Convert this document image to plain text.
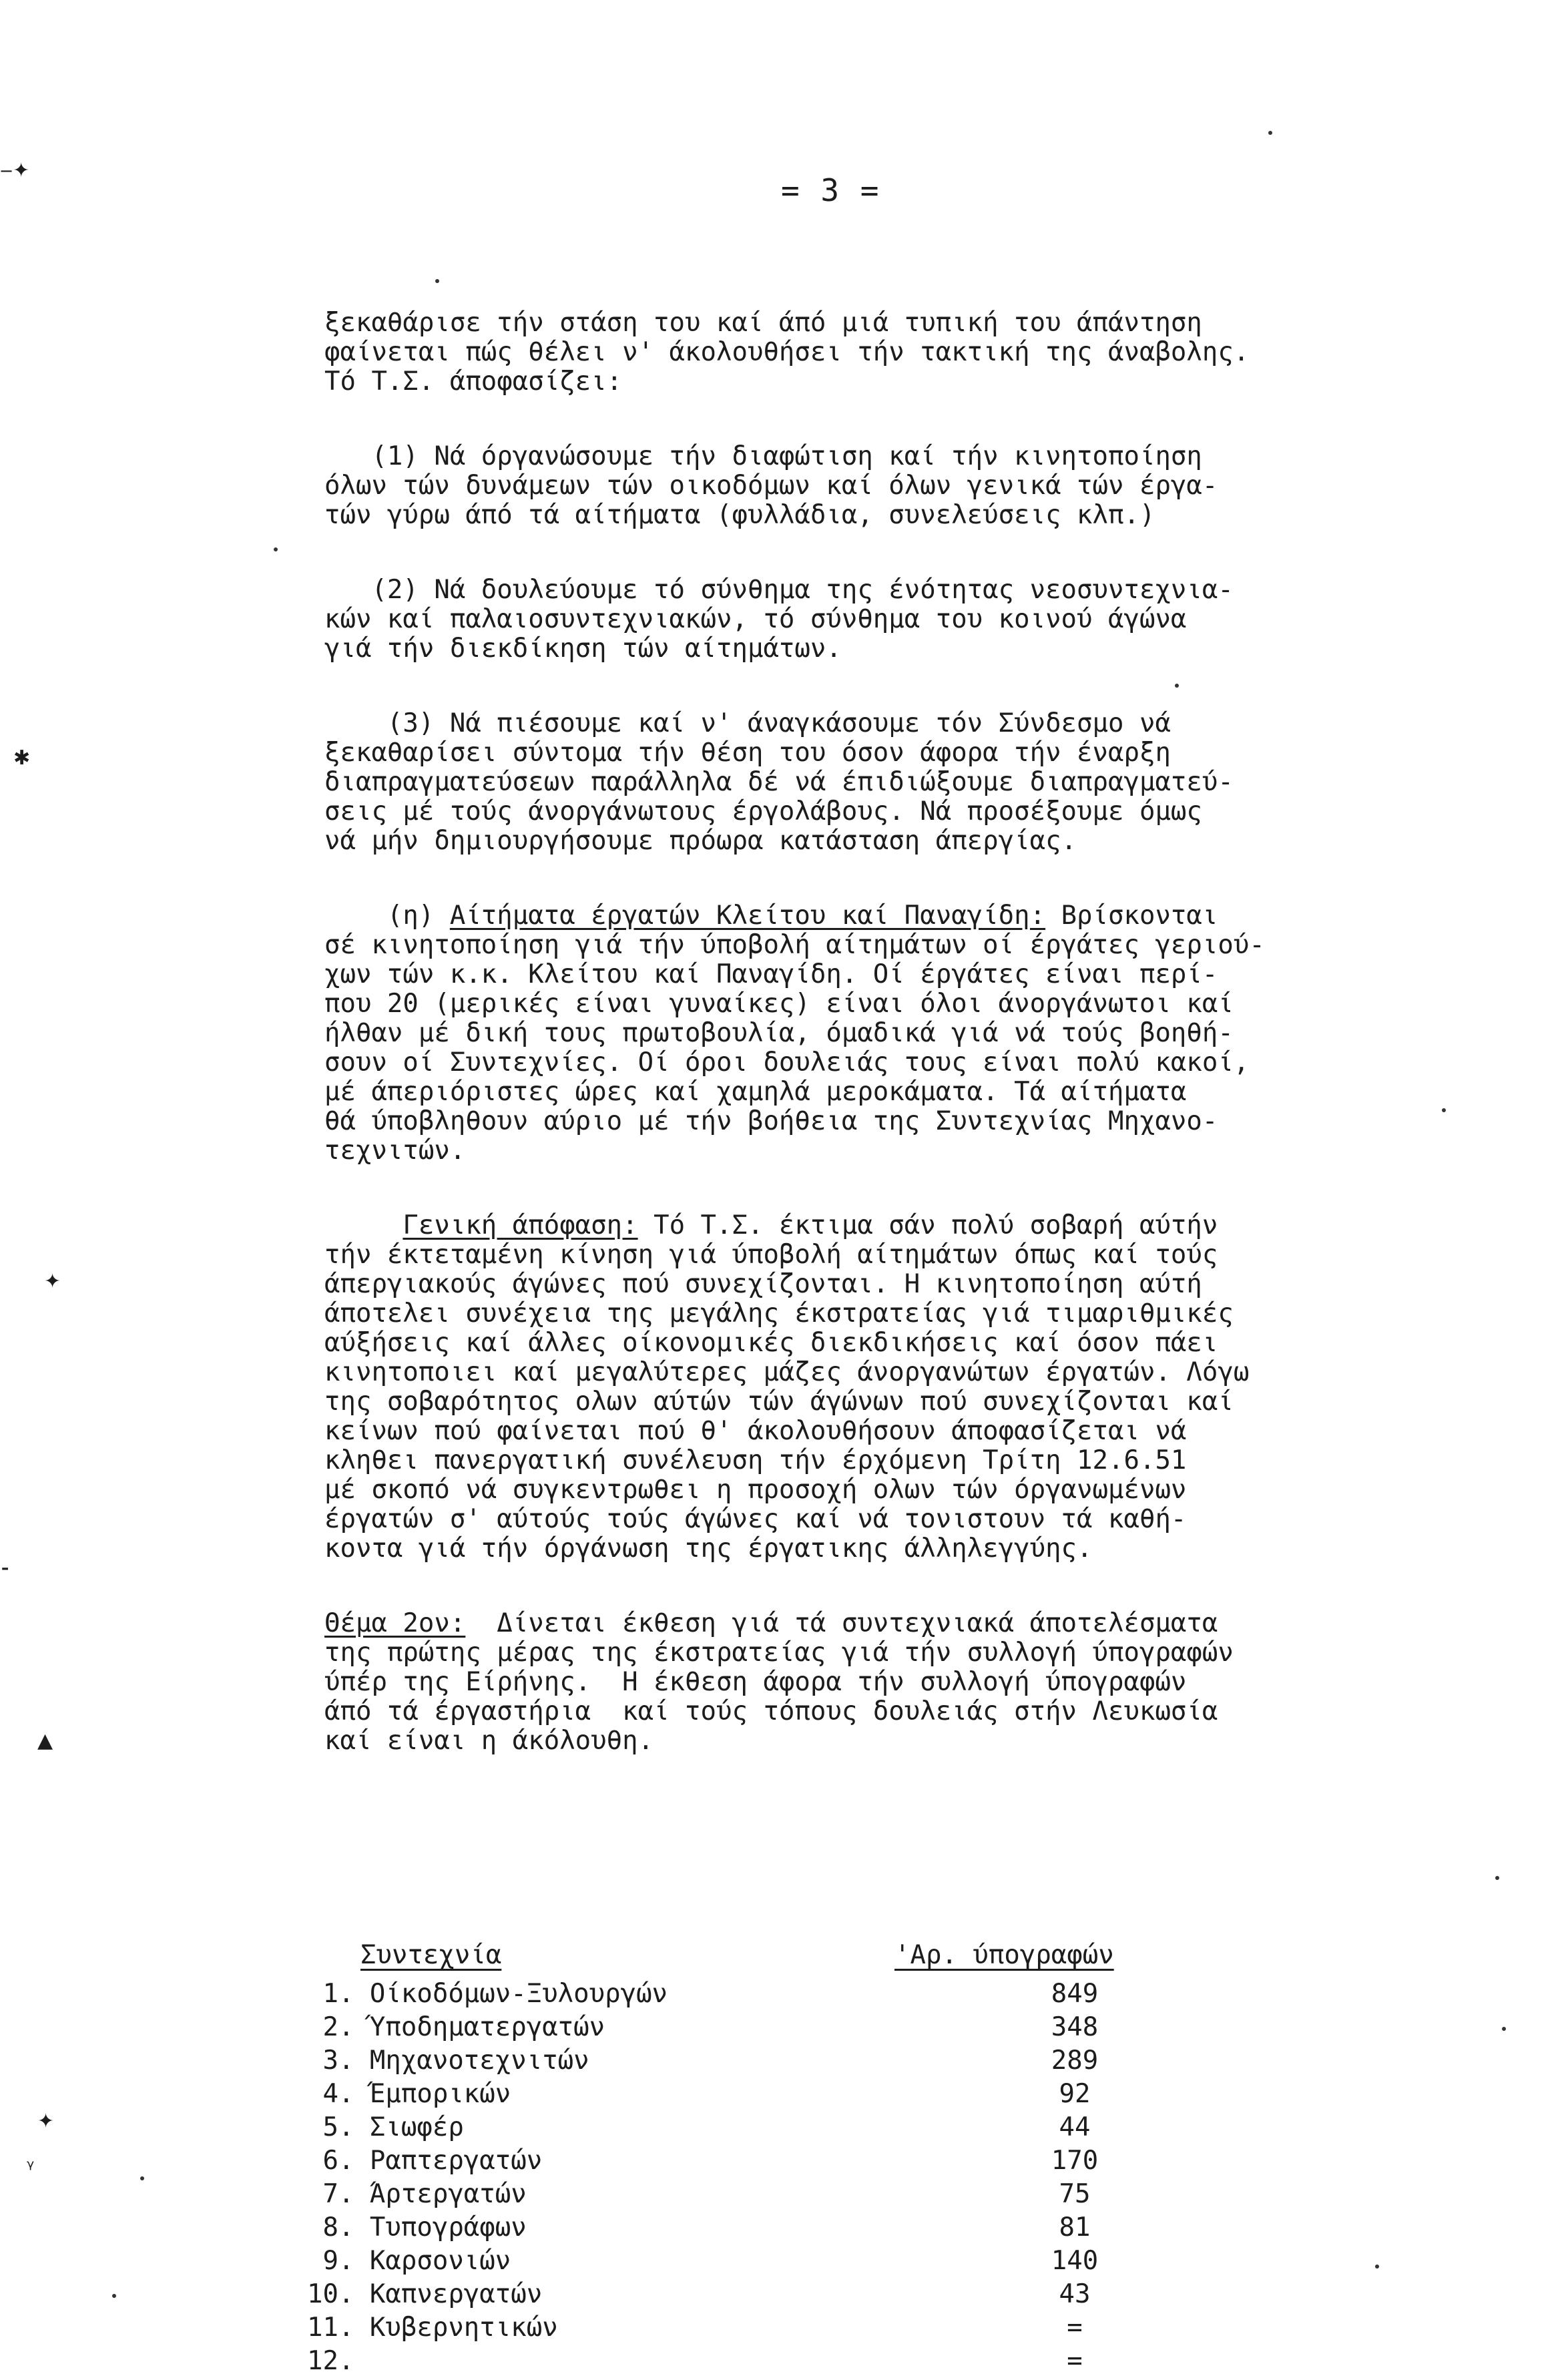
= 3 =
ξεκαθάρισε τήν στάση του καί άπό μιά τυπική του άπάντηση
φαίνεται πώς θέλει ν' άκολουθήσει τήν τακτική της άναβολης.
Τό Τ.Σ. άποφασίζει:
(1) Νά όργανώσουμε τήν διαφώτιση καί τήν κινητοποίηση
όλων τών δυνάμεων τών οικοδόμων καί όλων γενικά τών έργα-
τών γύρω άπό τά αίτήματα (φυλλάδια, συνελεύσεις κλπ.)
(2) Νά δουλεύουμε τό σύνθημα της ένότητας νεοσυντεχνια-
κών καί παλαιοσυντεχνιακών, τό σύνθημα του κοινού άγώνα
γιά τήν διεκδίκηση τών αίτημάτων.
(3) Νά πιέσουμε καί ν' άναγκάσουμε τόν Σύνδεσμο νά
ξεκαθαρίσει σύντομα τήν θέση του όσον άφορα τήν έναρξη
διαπραγματεύσεων παράλληλα δέ νά έπιδιώξουμε διαπραγματεύ-
σεις μέ τούς άνοργάνωτους έργολάβους. Νά προσέξουμε όμως
νά μήν δημιουργήσουμε πρόωρα κατάσταση άπεργίας.
(η) Αίτήματα έργατών Κλείτου καί Παναγίδη: Βρίσκονται
σέ κινητοποίηση γιά τήν ύποβολή αίτημάτων οί έργάτες γεριού-
χων τών κ.κ. Κλείτου καί Παναγίδη. Οί έργάτες είναι περί-
που 20 (μερικές είναι γυναίκες) είναι όλοι άνοργάνωτοι καί
ήλθαν μέ δική τους πρωτοβουλία, όμαδικά γιά νά τούς βοηθή-
σουν οί Συντεχνίες. Οί όροι δουλειάς τους είναι πολύ κακοί,
μέ άπεριόριστες ώρες καί χαμηλά μεροκάματα. Τά αίτήματα
θά ύποβληθουν αύριο μέ τήν βοήθεια της Συντεχνίας Μηχανο-
τεχνιτών.
Γενική άπόφαση: Τό Τ.Σ. έκτιμα σάν πολύ σοβαρή αύτήν
τήν έκτεταμένη κίνηση γιά ύποβολή αίτημάτων όπως καί τούς
άπεργιακούς άγώνες πού συνεχίζονται. Η κινητοποίηση αύτή
άποτελει συνέχεια της μεγάλης έκστρατείας γιά τιμαριθμικές
αύξήσεις καί άλλες οίκονομικές διεκδικήσεις καί όσον πάει
κινητοποιει καί μεγαλύτερες μάζες άνοργανώτων έργατών. Λόγω
της σοβαρότητος ολων αύτών τών άγώνων πού συνεχίζονται καί
κείνων πού φαίνεται πού θ' άκολουθήσουν άποφασίζεται νά
κληθει πανεργατική συνέλευση τήν έρχόμενη Τρίτη 12.6.51
μέ σκοπό νά συγκεντρωθει η προσοχή ολων τών όργανωμένων
έργατών σ' αύτούς τούς άγώνες καί νά τονιστουν τά καθή-
κοντα γιά τήν όργάνωση της έργατικης άλληλεγγύης.
Θέμα 2ον:  Δίνεται έκθεση γιά τά συντεχνιακά άποτελέσματα
της πρώτης μέρας της έκστρατείας γιά τήν συλλογή ύπογραφών
ύπέρ της Είρήνης.  Η έκθεση άφορα τήν συλλογή ύπογραφών
άπό τά έργαστήρια  καί τούς τόπους δουλειάς στήν Λευκωσία
καί είναι η άκόλουθη.
Συντεχνία	'Αρ. ύπογραφών
1. Οίκοδόμων-Ξυλουργών	849
2. Ύποδηματεργατών	348
3. Μηχανοτεχνιτών	289
4. Έμπορικών	92
5. Σιωφέρ	44
6. Ραπτεργατών	170
7. Άρτεργατών	75
8. Τυπογράφων	81
9. Καρσονιών	140
10. Καπνεργατών	43
11. Κυβερνητικών	=
12.	=
‒✦
✱
✦
⁃
▲
✦
ᵞ
